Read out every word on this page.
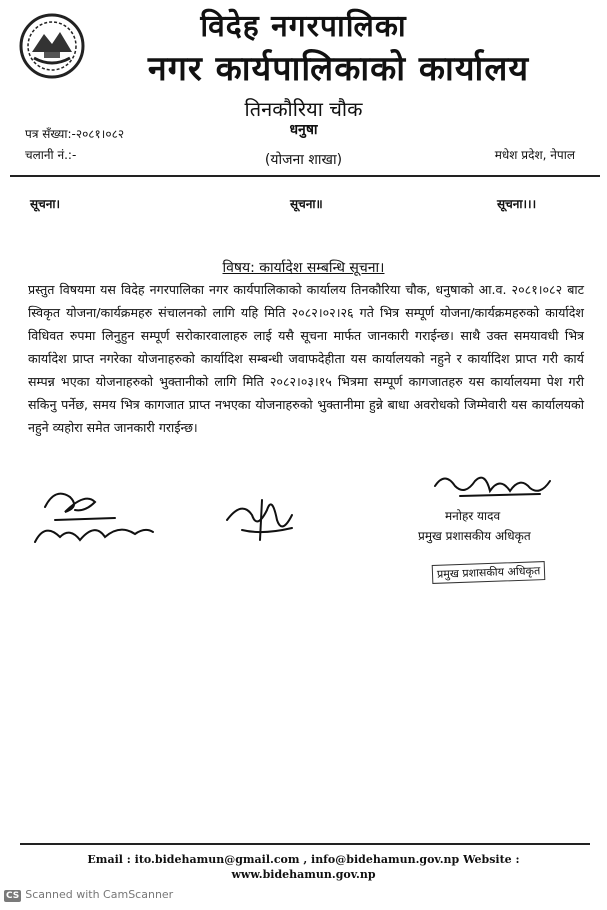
विदेह नगरपालिका
नगर कार्यपालिकाको कार्यालय
तिनकौरिया चौक
धनुषा
(योजना शाखा)
पत्र सँख्या:-२०८१।०८२
चलानी नं.:-	मधेश प्रदेश, नेपाल
सूचना।	सूचना॥	सूचना।।।
विषय: कार्यादेश सम्बन्धि सूचना।
प्रस्तुत विषयमा यस विदेह नगरपालिका नगर कार्यपालिकाको कार्यालय तिनकौरिया चौक, धनुषाको आ.व. २०८१।०८२ बाट स्विकृत योजना/कार्यक्रमहरु संचालनको लागि यहि मिति २०८२।०२।२६ गते भित्र सम्पूर्ण योजना/कार्यक्रमहरुको कार्यादेश विधिवत रुपमा लिनुहुन सम्पूर्ण सरोकारवालाहरु लाई यसै सूचना मार्फत जानकारी गराईन्छ। साथै उक्त समयावधी भित्र कार्यादेश प्राप्त नगरेका योजनाहरुको कार्यादिश सम्बन्धी जवाफदेहीता यस कार्यालयको नहुने र कार्यादिश प्राप्त गरी कार्य सम्पन्न भएका योजनाहरुको भुक्तानीको लागि मिति २०८२।०३।१५ भित्रमा सम्पूर्ण कागजातहरु यस कार्यालयमा पेश गरी सकिनु पर्नेछ, समय भित्र कागजात प्राप्त नभएका योजनाहरुको भुक्तानीमा हुन्ने बाधा अवरोधको जिम्मेवारी यस कार्यालयको नहुने व्यहोरा समेत जानकारी गराईन्छ।
मनोहर यादव
प्रमुख प्रशासकीय अधिकृत
प्रमुख प्रशासकीय अधिकृत
Email : ito.bidehamun@gmail.com , info@bidehamun.gov.np Website :
www.bidehamun.gov.np
CS Scanned with CamScanner
